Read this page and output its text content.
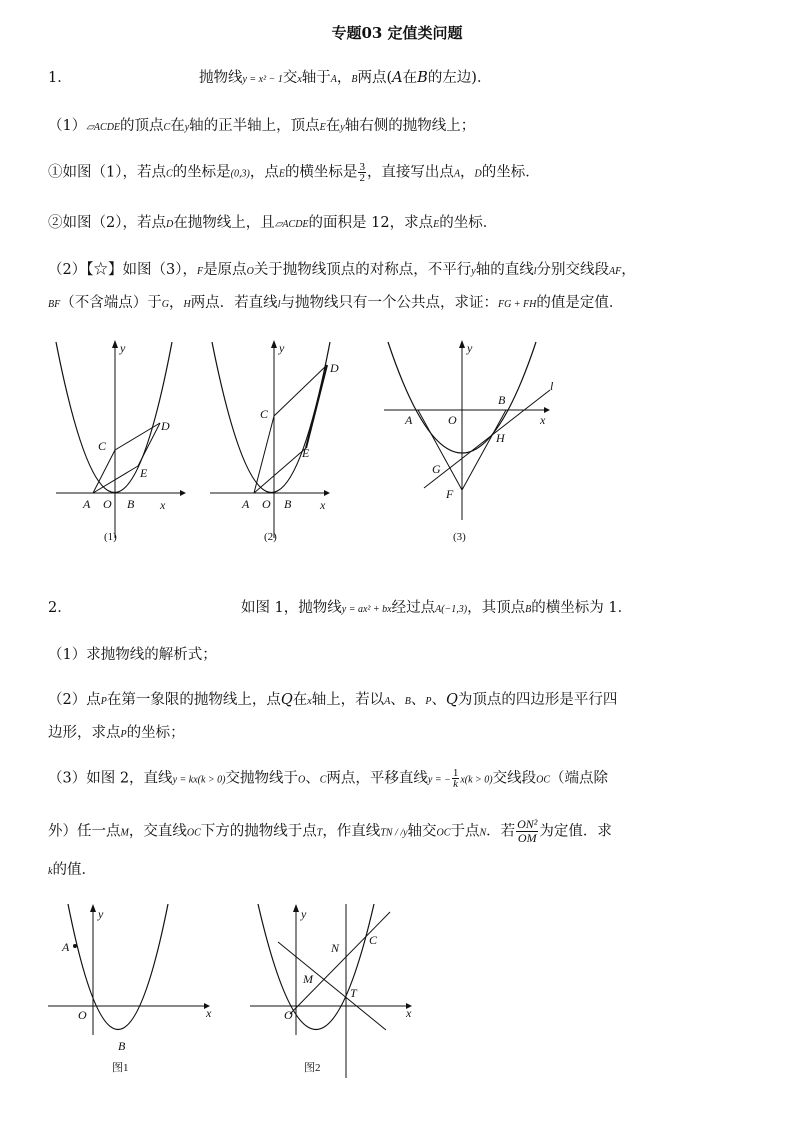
专题03 定值类问题
1．	抛物线y = x² − 1交x轴于A，B两点(A在B的左边)．
（1）▱ACDE的顶点C在y轴的正半轴上，顶点E在y轴右侧的抛物线上；
①如图（1），若点C的坐标是(0,3)，点E的横坐标是 $\frac{3}{2}$ ，直接写出点A，D的坐标．
②如图（2），若点D在抛物线上，且▱ACDE的面积是 12，求点E的坐标．
（2）【☆】如图（3），F是原点O关于抛物线顶点的对称点，不平行y轴的直线l分别交线段AF，
BF（不含端点）于G，H两点．若直线l与抛物线只有一个公共点，求证：FG + FH的值是定值．
y
x
C
D
E
A O B
(1)
y
x
C
D
E
A O B
(2)
y
x
l
A	O
B
H
G
F
(3)
2．	如图 1，抛物线y = ax² + bx经过点A(−1,3)，其顶点B的横坐标为 1．
（1）求抛物线的解析式；
（2）点P在第一象限的抛物线上，点Q在x轴上，若以A、B、P、Q为顶点的四边形是平行四
边形，求点P的坐标；
（3）如图 2，直线y = kx(k > 0)交抛物线于O、C两点，平移直线y = − $\frac{1}{k} x(k > 0)$交线段OC（端点除
外）任一点M，交直线OC下方的抛物线于点T，作直线TN / /y轴交OC于点N．若 $\frac{\text{ON²}}{OM}$ 为定值．求
k的值．
y
x
A
O
B
图1
y
x
C
N
M
T
O
图2
